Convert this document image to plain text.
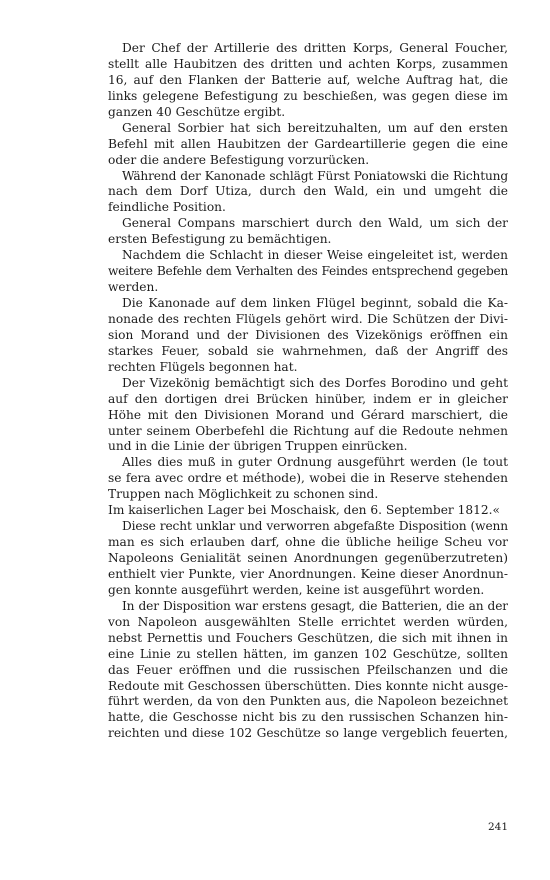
Der Chef der Artillerie des dritten Korps, General Foucher,
stellt alle Haubitzen des dritten und achten Korps, zusammen
16, auf den Flanken der Batterie auf, welche Auftrag hat, die
links gelegene Befestigung zu beschießen, was gegen diese im
ganzen 40 Geschütze ergibt.
General Sorbier hat sich bereitzuhalten, um auf den ersten
Befehl mit allen Haubitzen der Gardeartillerie gegen die eine
oder die andere Befestigung vorzurücken.
Während der Kanonade schlägt Fürst Poniatowski die Richtung
nach dem Dorf Utiza, durch den Wald, ein und umgeht die
feindliche Position.
General Compans marschiert durch den Wald, um sich der
ersten Befestigung zu bemächtigen.
Nachdem die Schlacht in dieser Weise eingeleitet ist, werden
weitere Befehle dem Verhalten des Feindes entsprechend gegeben
werden.
Die Kanonade auf dem linken Flügel beginnt, sobald die Ka-
nonade des rechten Flügels gehört wird. Die Schützen der Divi-
sion Morand und der Divisionen des Vizekönigs eröffnen ein
starkes Feuer, sobald sie wahrnehmen, daß der Angriff des
rechten Flügels begonnen hat.
Der Vizekönig bemächtigt sich des Dorfes Borodino und geht
auf den dortigen drei Brücken hinüber, indem er in gleicher
Höhe mit den Divisionen Morand und Gérard marschiert, die
unter seinem Oberbefehl die Richtung auf die Redoute nehmen
und in die Linie der übrigen Truppen einrücken.
Alles dies muß in guter Ordnung ausgeführt werden (le tout
se fera avec ordre et méthode), wobei die in Reserve stehenden
Truppen nach Möglichkeit zu schonen sind.
Im kaiserlichen Lager bei Moschaisk, den 6. September 1812.«
Diese recht unklar und verworren abgefaßte Disposition (wenn
man es sich erlauben darf, ohne die übliche heilige Scheu vor
Napoleons Genialität seinen Anordnungen gegenüberzutreten)
enthielt vier Punkte, vier Anordnungen. Keine dieser Anordnun-
gen konnte ausgeführt werden, keine ist ausgeführt worden.
In der Disposition war erstens gesagt, die Batterien, die an der
von Napoleon ausgewählten Stelle errichtet werden würden,
nebst Pernettis und Fouchers Geschützen, die sich mit ihnen in
eine Linie zu stellen hätten, im ganzen 102 Geschütze, sollten
das Feuer eröffnen und die russischen Pfeilschanzen und die
Redoute mit Geschossen überschütten. Dies konnte nicht ausge-
führt werden, da von den Punkten aus, die Napoleon bezeichnet
hatte, die Geschosse nicht bis zu den russischen Schanzen hin-
reichten und diese 102 Geschütze so lange vergeblich feuerten,
241
